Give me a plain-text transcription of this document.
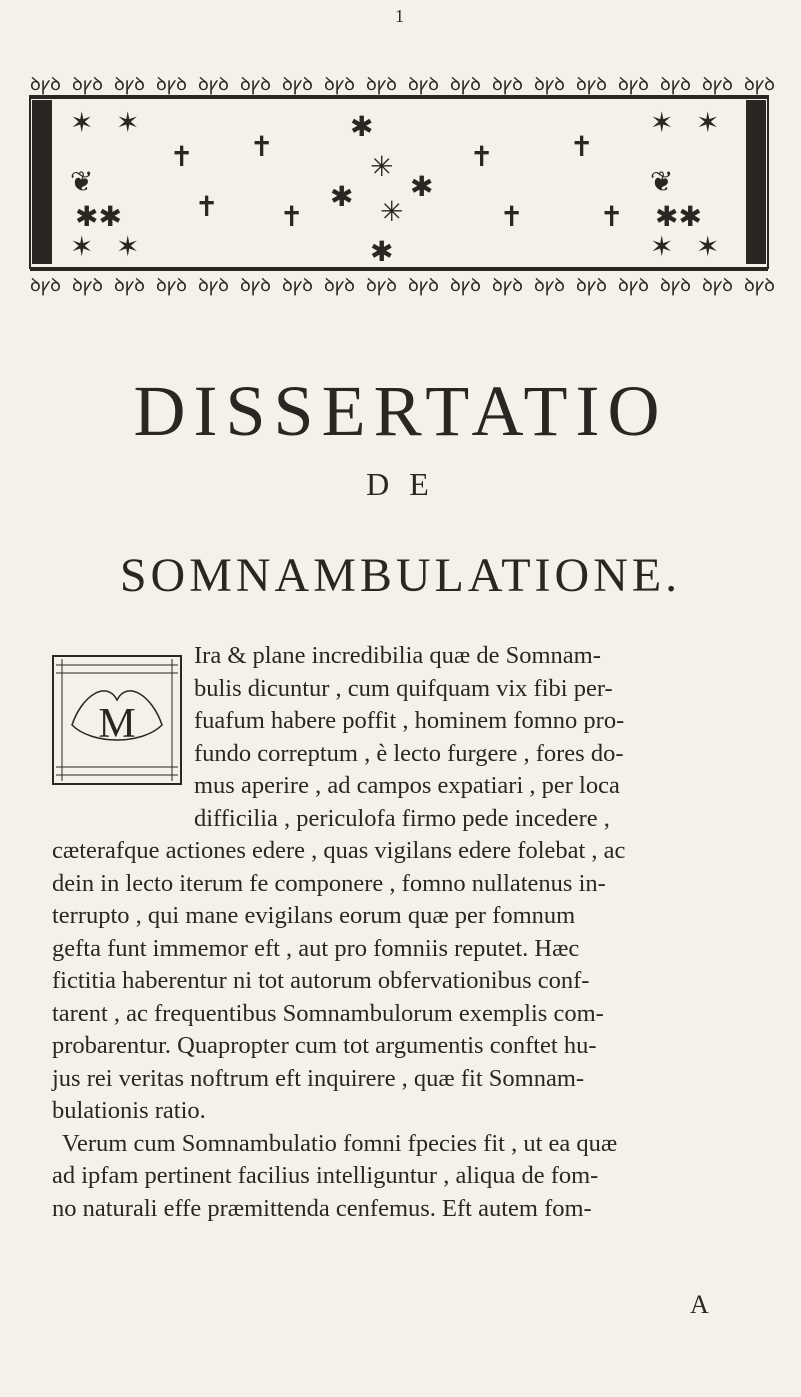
1
ꝺꝩꝺ ꝺꝩꝺ ꝺꝩꝺ ꝺꝩꝺ ꝺꝩꝺ ꝺꝩꝺ ꝺꝩꝺ ꝺꝩꝺ ꝺꝩꝺ ꝺꝩꝺ ꝺꝩꝺ ꝺꝩꝺ ꝺꝩꝺ ꝺꝩꝺ ꝺꝩꝺ ꝺꝩꝺ ꝺꝩꝺ ꝺꝩꝺ
✶ ✶
❦
✱✱
✶ ✶
✝
✝
✝
✝
✱
✳
✱ ✳
✱
✱
✝
✝
✝
✝
✶ ✶
❦
✱✱
✶ ✶
ꝺꝩꝺ ꝺꝩꝺ ꝺꝩꝺ ꝺꝩꝺ ꝺꝩꝺ ꝺꝩꝺ ꝺꝩꝺ ꝺꝩꝺ ꝺꝩꝺ ꝺꝩꝺ ꝺꝩꝺ ꝺꝩꝺ ꝺꝩꝺ ꝺꝩꝺ ꝺꝩꝺ ꝺꝩꝺ ꝺꝩꝺ ꝺꝩꝺ
DISSERTATIO
D E
SOMNAMBULATIONE.
M
Ira & plane incredibilia quæ de Somnam-
bulis dicuntur , cum quifquam vix fibi per-
fuafum habere poffit , hominem fomno pro-
fundo correptum , è lecto furgere , fores do-
mus aperire , ad campos expatiari , per loca
difficilia , periculofa firmo pede incedere ,
cæterafque actiones edere , quas vigilans edere folebat , ac
dein in lecto iterum fe componere , fomno nullatenus in-
terrupto , qui mane evigilans eorum quæ per fomnum
gefta funt immemor eft , aut pro fomniis reputet. Hæc
fictitia haberentur ni tot autorum obfervationibus conf-
tarent , ac frequentibus Somnambulorum exemplis com-
probarentur. Quapropter cum tot argumentis conftet hu-
jus rei veritas noftrum eft inquirere , quæ fit Somnam-
bulationis ratio.
Verum cum Somnambulatio fomni fpecies fit , ut ea quæ
ad ipfam pertinent facilius intelliguntur , aliqua de fom-
no naturali effe præmittenda cenfemus. Eft autem fom-
A
